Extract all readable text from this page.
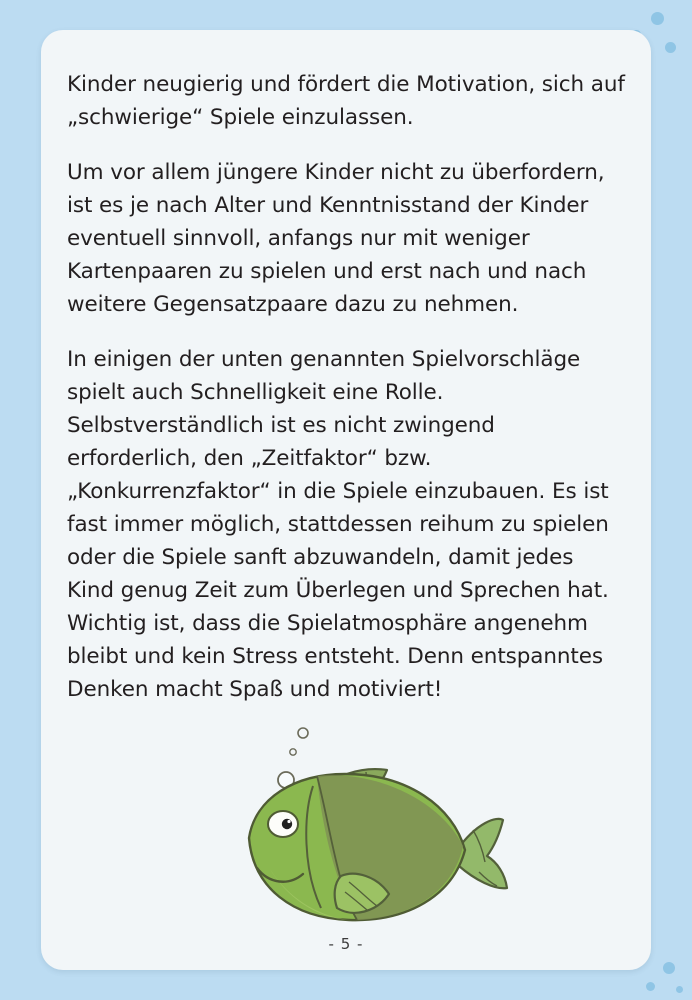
Kinder neugierig und fördert die Motivation, sich auf „schwierige“ Spiele einzulassen.

Um vor allem jüngere Kinder nicht zu überfordern, ist es je nach Alter und Kenntnisstand der Kinder eventuell sinnvoll, anfangs nur mit weniger Kartenpaaren zu spielen und erst nach und nach weitere Gegensatzpaare dazu zu nehmen.

In einigen der unten genannten Spielvorschläge spielt auch Schnelligkeit eine Rolle. Selbstverständlich ist es nicht zwingend erforderlich, den „Zeitfaktor“ bzw. „Konkurrenzfaktor“ in die Spiele einzubauen. Es ist fast immer möglich, stattdessen reihum zu spielen oder die Spiele sanft abzuwandeln, damit jedes Kind genug Zeit zum Überlegen und Sprechen hat. Wichtig ist, dass die Spielatmosphäre angenehm bleibt und kein Stress entsteht. Denn entspanntes Denken macht Spaß und motiviert!

- 5 -
